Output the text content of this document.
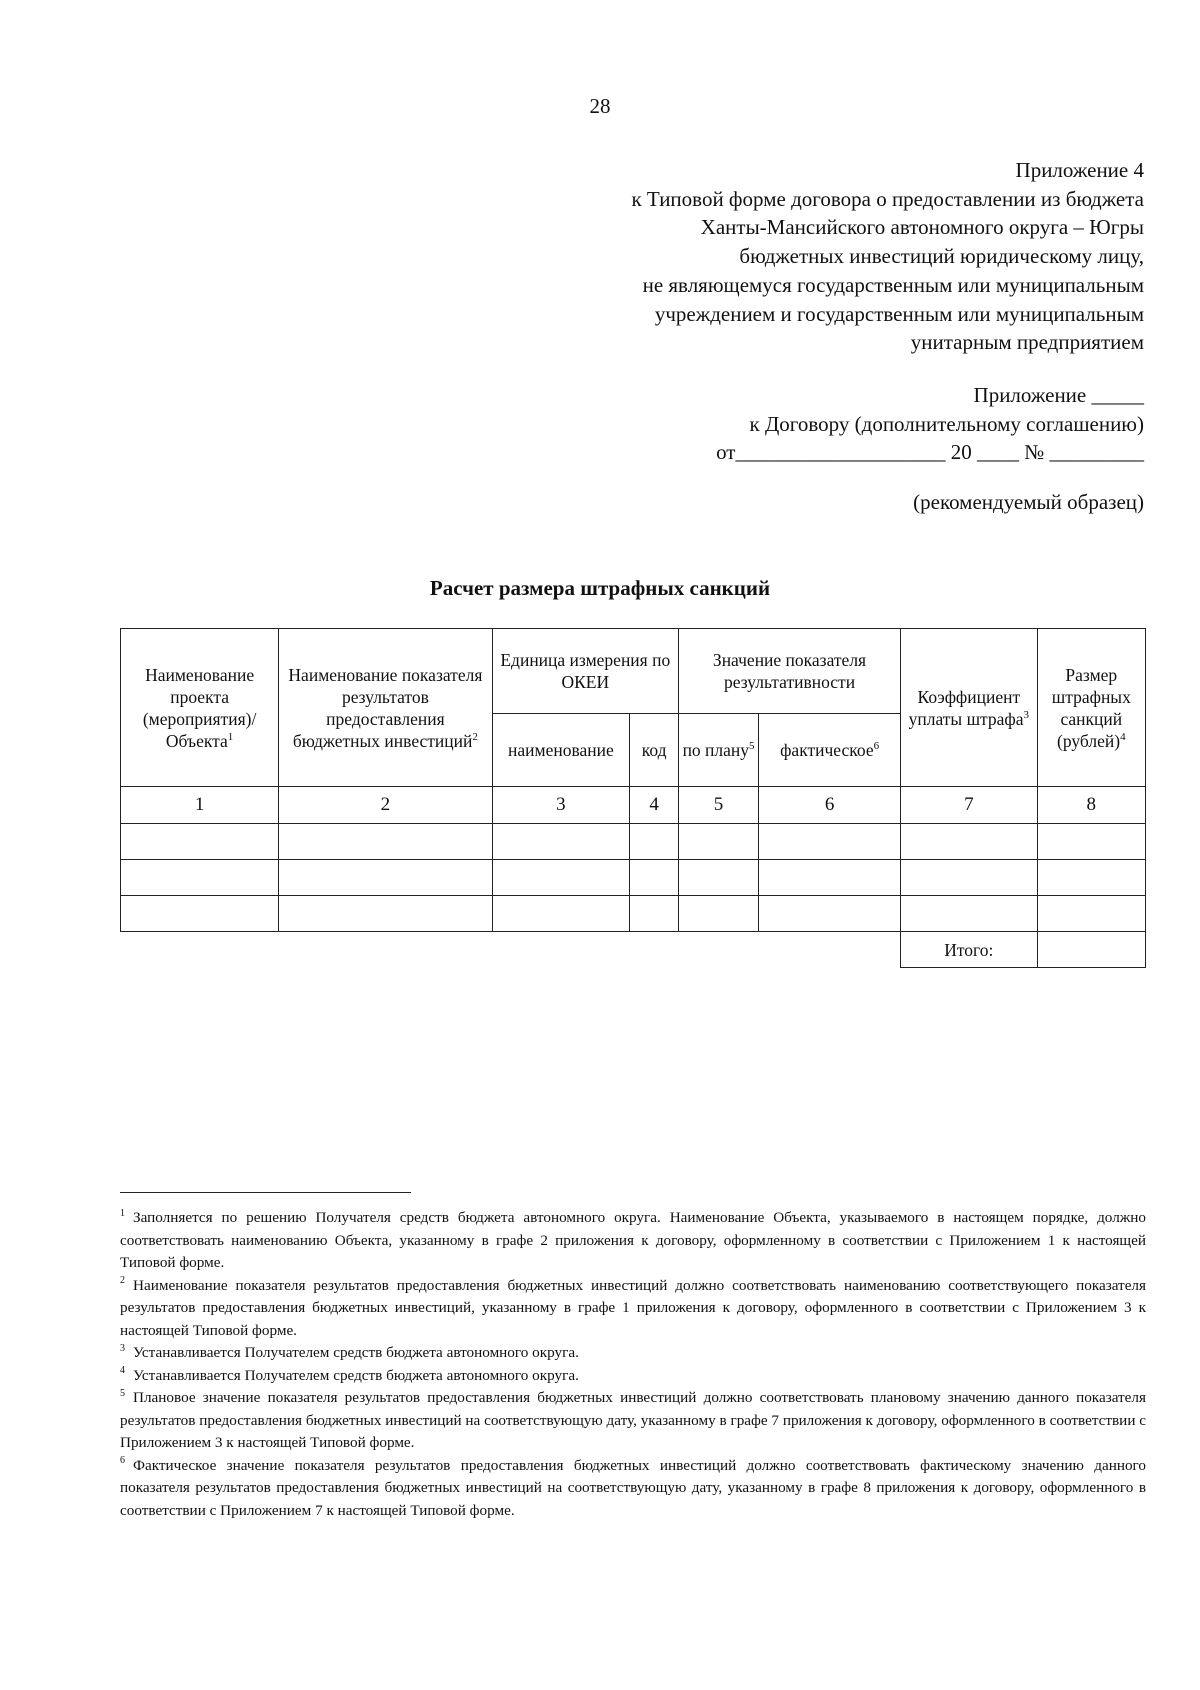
28
Приложение 4
к Типовой форме договора о предоставлении из бюджета
Ханты-Мансийского автономного округа – Югры
бюджетных инвестиций юридическому лицу,
не являющемуся государственным или муниципальным
учреждением и государственным или муниципальным
унитарным предприятием
Приложение _____
к Договору (дополнительному соглашению)
от____________________ 20 ____ № _________
(рекомендуемый образец)
Расчет размера штрафных санкций
Наименование проекта (мероприятия)/ Объекта$^1$	Наименование показателя результатов предоставления бюджетных инвестиций$^2$	Единица измерения по ОКЕИ		Значение показателя результативности		Коэффициент уплаты штрафа$^3$	Размер штрафных санкций (рублей)$^4$
		наименование	код	по плану$^5$	фактическое$^6$
1	2	3	4	5	6	7	8

						Итого:	

$^1$ Заполняется по решению Получателя средств бюджета автономного округа. Наименование Объекта, указываемого в настоящем порядке, должно соответствовать наименованию Объекта, указанному в графе 2 приложения к договору, оформленному в соответствии с Приложением 1 к настоящей Типовой форме.

$^2$ Наименование показателя результатов предоставления бюджетных инвестиций должно соответствовать наименованию соответствующего показателя результатов предоставления бюджетных инвестиций, указанному в графе 1 приложения к договору, оформленного в соответствии с Приложением 3 к настоящей Типовой форме.

$^3$ Устанавливается Получателем средств бюджета автономного округа.

$^4$ Устанавливается Получателем средств бюджета автономного округа.

$^5$ Плановое значение показателя результатов предоставления бюджетных инвестиций должно соответствовать плановому значению данного показателя результатов предоставления бюджетных инвестиций на соответствующую дату, указанному в графе 7 приложения к договору, оформленного в соответствии с Приложением 3 к настоящей Типовой форме.

$^6$ Фактическое значение показателя результатов предоставления бюджетных инвестиций должно соответствовать фактическому значению данного показателя результатов предоставления бюджетных инвестиций на соответствующую дату, указанному в графе 8 приложения к договору, оформленного в соответствии с Приложением 7 к настоящей Типовой форме.
